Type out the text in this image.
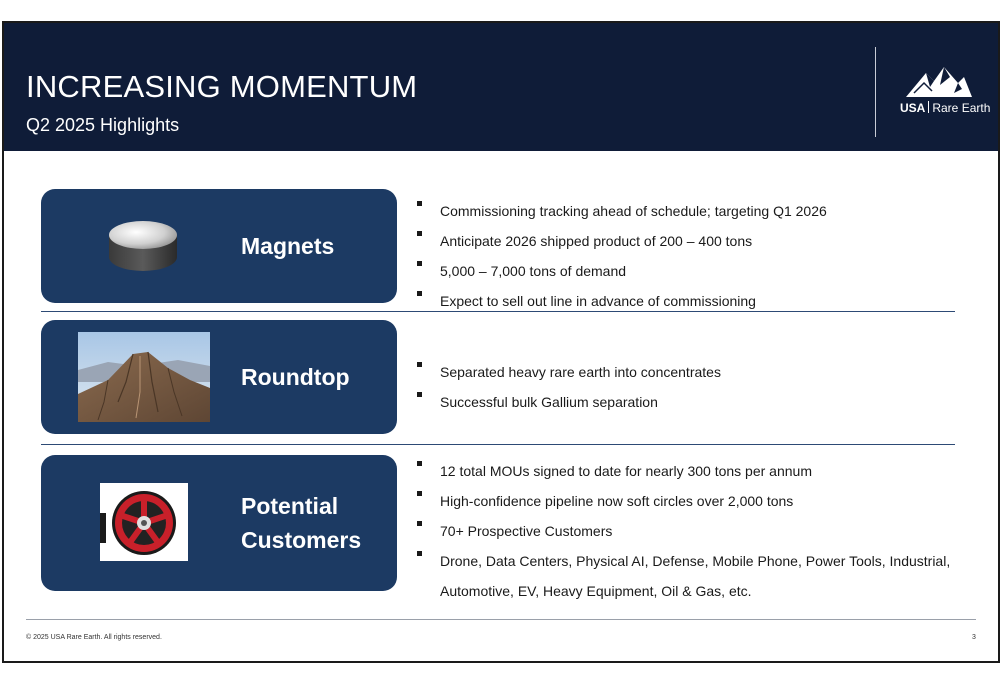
INCREASING MOMENTUM
Q2 2025 Highlights
USA Rare Earth
Magnets
Commissioning tracking ahead of schedule; targeting Q1 2026
Anticipate 2026 shipped product of 200 – 400 tons
5,000 – 7,000 tons of demand
Expect to sell out line in advance of commissioning
Roundtop	Separated heavy rare earth into concentrates
Successful bulk Gallium separation
Potential
Customers
12 total MOUs signed to date for nearly 300 tons per annum
High-confidence pipeline now soft circles over 2,000 tons
70+ Prospective Customers
Drone, Data Centers, Physical AI, Defense, Mobile Phone, Power Tools, Industrial, Automotive, EV, Heavy Equipment, Oil & Gas, etc.
© 2025 USA Rare Earth. All rights reserved.	3
